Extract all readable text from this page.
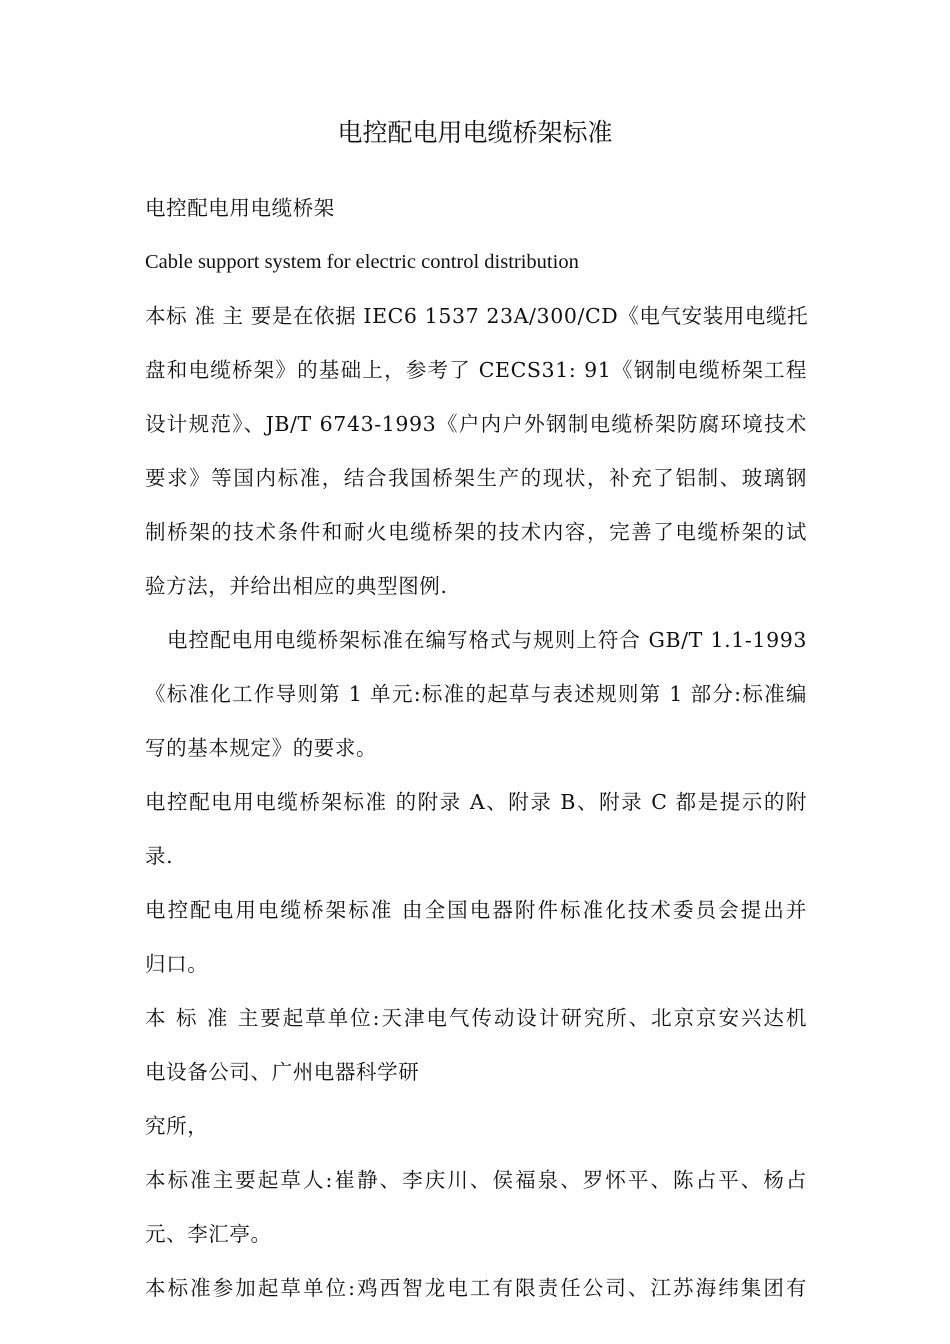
电控配电用电缆桥架标准
电控配电用电缆桥架
Cable support system for electric control distribution
本标 准 主 要是在依据 IEC6 1537 23A/300/CD《电气安装用电缆托
盘和电缆桥架》的基础上，参考了 CECS31: 91《钢制电缆桥架工程
设计规范》、JB/T 6743-1993《户内户外钢制电缆桥架防腐环境技术
要求》等国内标准，结合我国桥架生产的现状，补充了铝制、玻璃钢
制桥架的技术条件和耐火电缆桥架的技术内容，完善了电缆桥架的试
验方法，并给出相应的典型图例.
电控配电用电缆桥架标准在编写格式与规则上符合 GB/T 1.1-1993
《标准化工作导则第 1 单元:标准的起草与表述规则第 1 部分:标准编
写的基本规定》的要求。
电控配电用电缆桥架标准 的附录 A、附录 B、附录 C 都是提示的附
录.
电控配电用电缆桥架标准 由全国电器附件标准化技术委员会提出并
归口。
本 标 准 主要起草单位:天津电气传动设计研究所、北京京安兴达机
电设备公司、广州电器科学研
究所，
本标准主要起草人:崔静、李庆川、侯福泉、罗怀平、陈占平、杨占
元、李汇亭。
本标准参加起草单位:鸡西智龙电工有限责任公司、江苏海纬集团有
